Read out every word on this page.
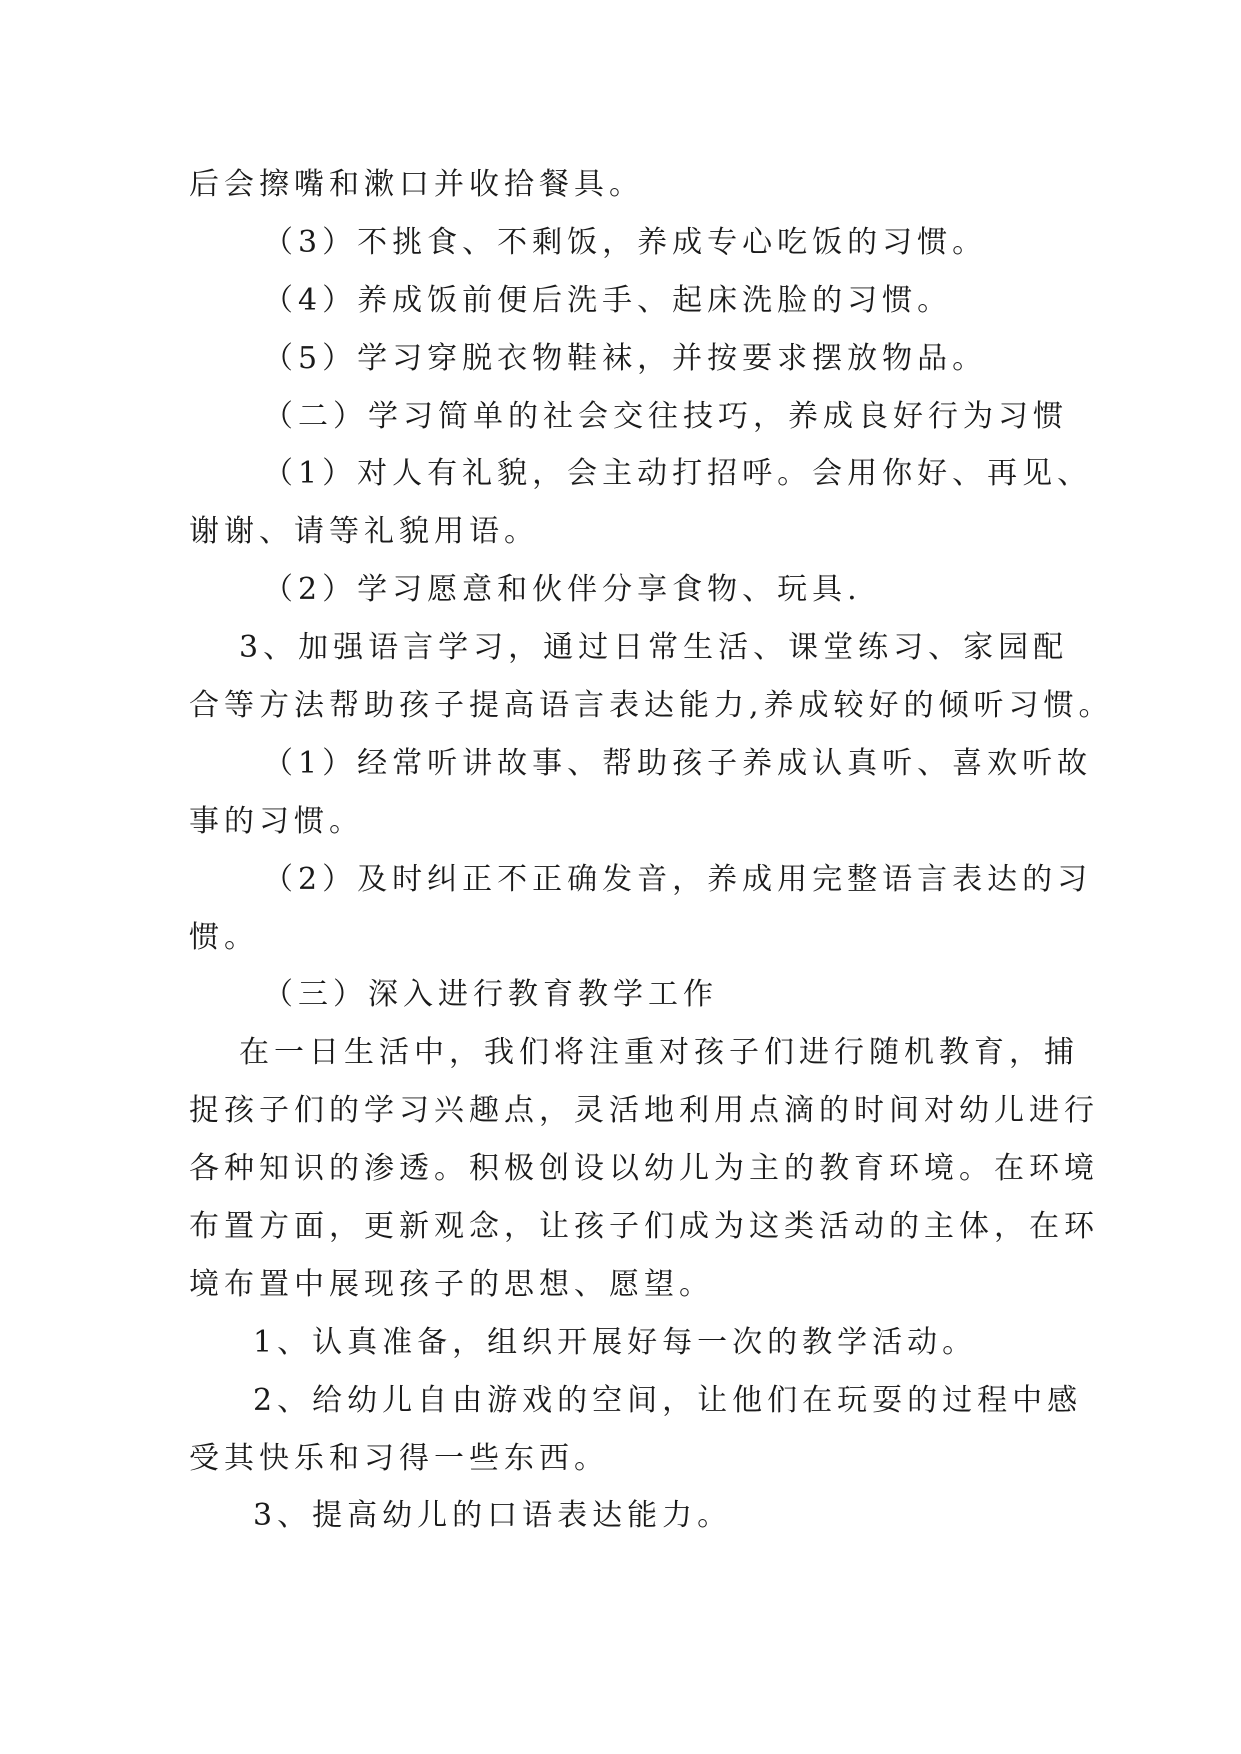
后会擦嘴和漱口并收拾餐具。
（3）不挑食、不剩饭，养成专心吃饭的习惯。
（4）养成饭前便后洗手、起床洗脸的习惯。
（5）学习穿脱衣物鞋袜，并按要求摆放物品。
（二）学习简单的社会交往技巧，养成良好行为习惯
（1）对人有礼貌，会主动打招呼。会用你好、再见、
谢谢、请等礼貌用语。
（2）学习愿意和伙伴分享食物、玩具.
3、加强语言学习，通过日常生活、课堂练习、家园配
合等方法帮助孩子提高语言表达能力,养成较好的倾听习惯。
（1）经常听讲故事、帮助孩子养成认真听、喜欢听故
事的习惯。
（2）及时纠正不正确发音，养成用完整语言表达的习
惯。
（三）深入进行教育教学工作
在一日生活中，我们将注重对孩子们进行随机教育，捕
捉孩子们的学习兴趣点，灵活地利用点滴的时间对幼儿进行
各种知识的渗透。积极创设以幼儿为主的教育环境。在环境
布置方面，更新观念，让孩子们成为这类活动的主体，在环
境布置中展现孩子的思想、愿望。
1、认真准备，组织开展好每一次的教学活动。
2、给幼儿自由游戏的空间，让他们在玩耍的过程中感
受其快乐和习得一些东西。
3、提高幼儿的口语表达能力。
